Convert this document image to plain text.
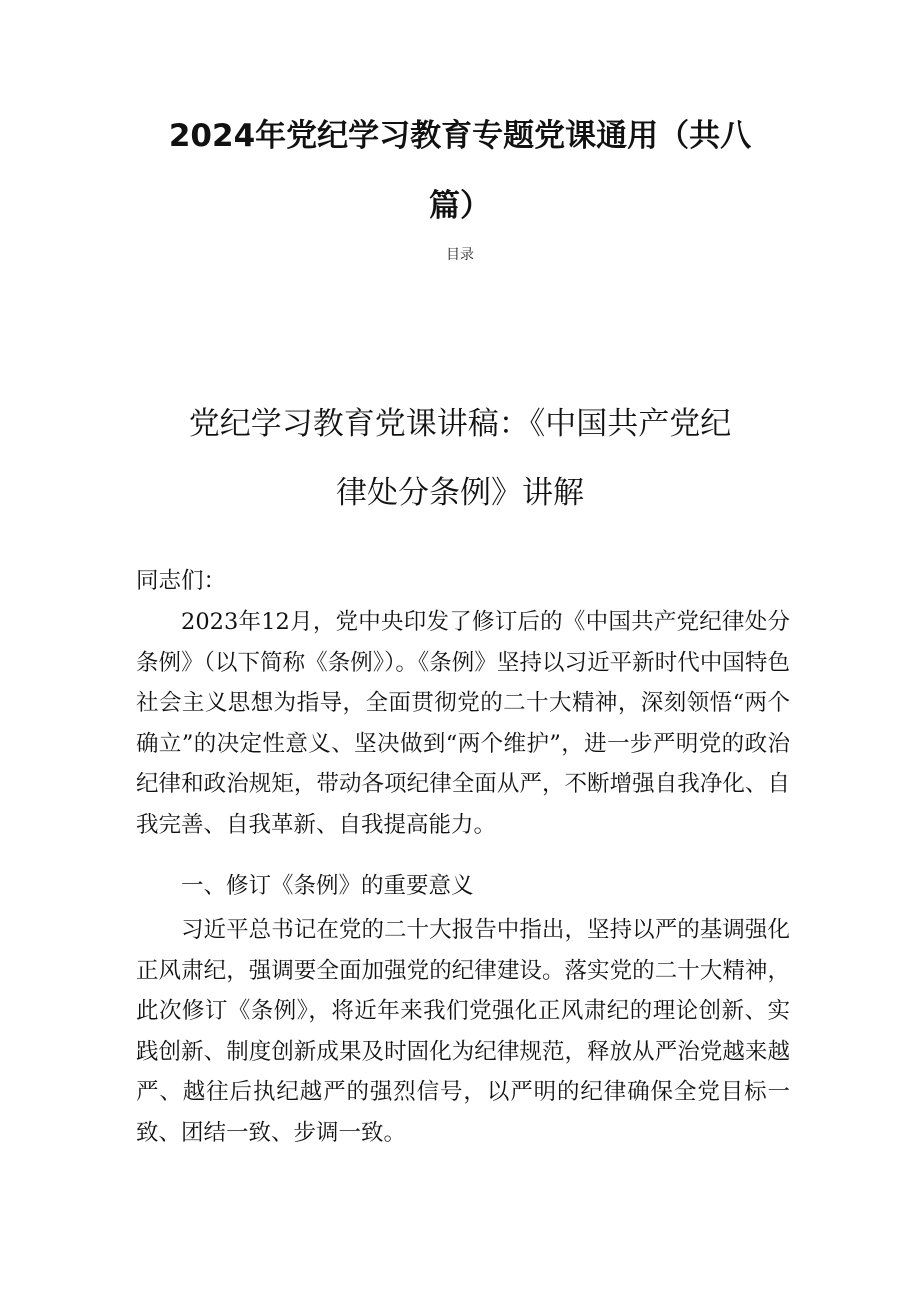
2024年党纪学习教育专题党课通用（共八
篇）
目录
党纪学习教育党课讲稿：《中国共产党纪
律处分条例》讲解
同志们：

2023年12月，党中央印发了修订后的《中国共产党纪律处分条例》（以下简称《条例》）。《条例》坚持以习近平新时代中国特色社会主义思想为指导，全面贯彻党的二十大精神，深刻领悟“两个确立”的决定性意义、坚决做到“两个维护”，进一步严明党的政治纪律和政治规矩，带动各项纪律全面从严，不断增强自我净化、自我完善、自我革新、自我提高能力。

一、修订《条例》的重要意义

习近平总书记在党的二十大报告中指出，坚持以严的基调强化正风肃纪，强调要全面加强党的纪律建设。落实党的二十大精神，此次修订《条例》，将近年来我们党强化正风肃纪的理论创新、实践创新、制度创新成果及时固化为纪律规范，释放从严治党越来越严、越往后执纪越严的强烈信号，以严明的纪律确保全党目标一致、团结一致、步调一致。
